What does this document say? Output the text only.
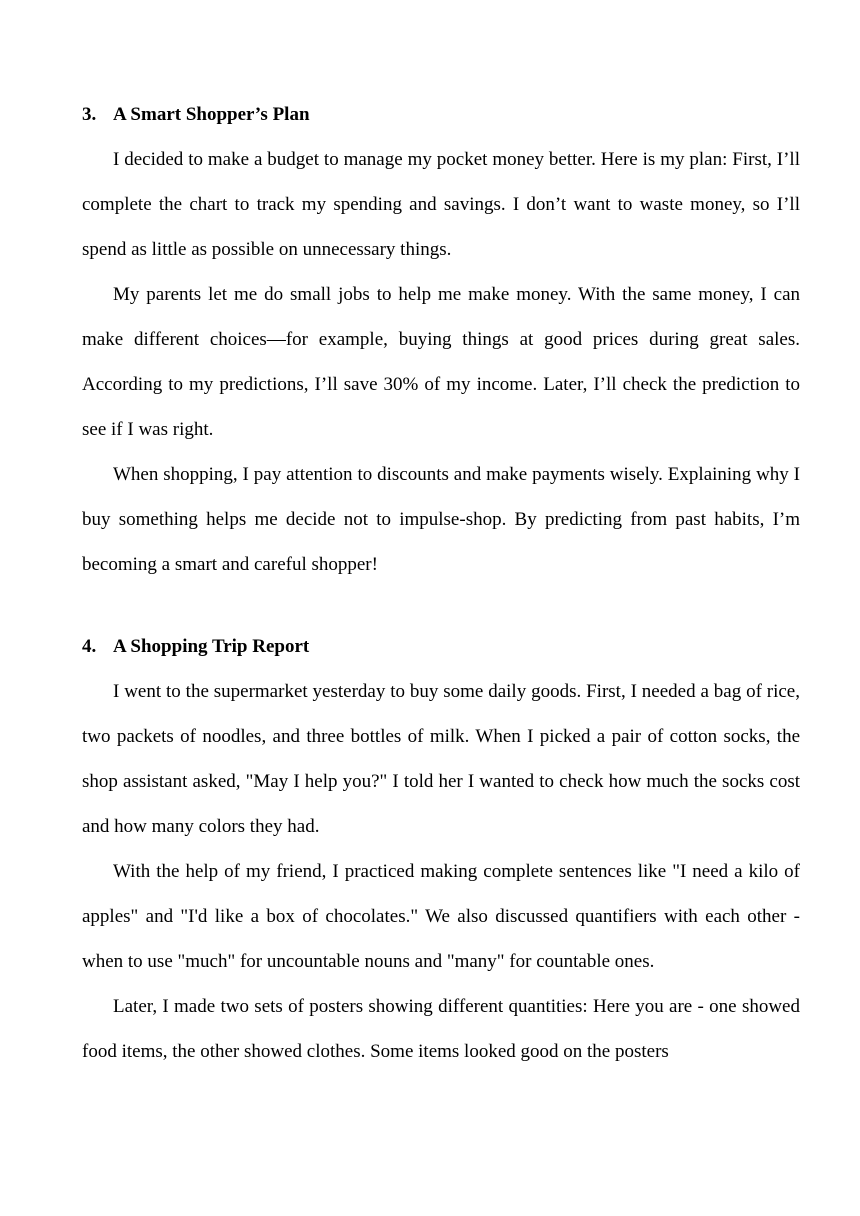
3. A Smart Shopper’s Plan

I decided to make a budget to manage my pocket money better. Here is my plan: First, I’ll complete the chart to track my spending and savings. I don’t want to waste money, so I’ll spend as little as possible on unnecessary things.

My parents let me do small jobs to help me make money. With the same money, I can make different choices—for example, buying things at good prices during great sales. According to my predictions, I’ll save 30% of my income. Later, I’ll check the prediction to see if I was right.

When shopping, I pay attention to discounts and make payments wisely. Explaining why I buy something helps me decide not to impulse-shop. By predicting from past habits, I’m becoming a smart and careful shopper!

4. A Shopping Trip Report

I went to the supermarket yesterday to buy some daily goods. First, I needed a bag of rice, two packets of noodles, and three bottles of milk. When I picked a pair of cotton socks, the shop assistant asked, "May I help you?" I told her I wanted to check how much the socks cost and how many colors they had.

With the help of my friend, I practiced making complete sentences like "I need a kilo of apples" and "I'd like a box of chocolates." We also discussed quantifiers with each other - when to use "much" for uncountable nouns and "many" for countable ones.

Later, I made two sets of posters showing different quantities: Here you are - one showed food items, the other showed clothes. Some items looked good on the posters
